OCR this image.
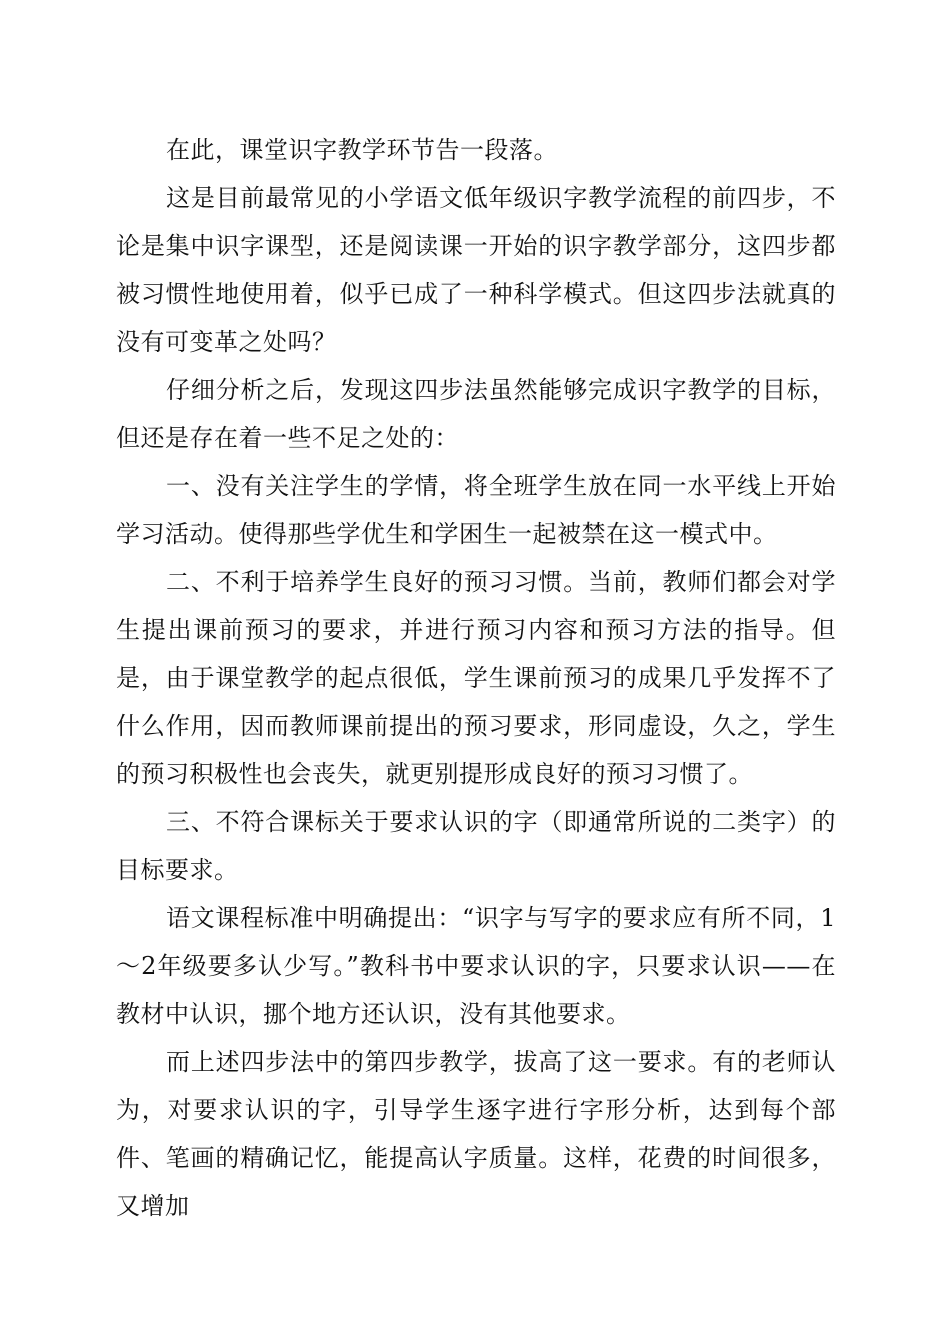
在此，课堂识字教学环节告一段落。

这是目前最常见的小学语文低年级识字教学流程的前四步，不论是集中识字课型，还是阅读课一开始的识字教学部分，这四步都被习惯性地使用着，似乎已成了一种科学模式。但这四步法就真的没有可变革之处吗？

仔细分析之后，发现这四步法虽然能够完成识字教学的目标，但还是存在着一些不足之处的：

一、没有关注学生的学情，将全班学生放在同一水平线上开始学习活动。使得那些学优生和学困生一起被禁在这一模式中。

二、不利于培养学生良好的预习习惯。当前，教师们都会对学生提出课前预习的要求，并进行预习内容和预习方法的指导。但是，由于课堂教学的起点很低，学生课前预习的成果几乎发挥不了什么作用，因而教师课前提出的预习要求，形同虚设，久之，学生的预习积极性也会丧失，就更别提形成良好的预习习惯了。

三、不符合课标关于要求认识的字（即通常所说的二类字）的目标要求。

语文课程标准中明确提出：“识字与写字的要求应有所不同，1～2年级要多认少写。”教科书中要求认识的字，只要求认识——在教材中认识，挪个地方还认识，没有其他要求。

而上述四步法中的第四步教学，拔高了这一要求。有的老师认为，对要求认识的字，引导学生逐字进行字形分析，达到每个部件、笔画的精确记忆，能提高认字质量。这样，花费的时间很多，又增加
